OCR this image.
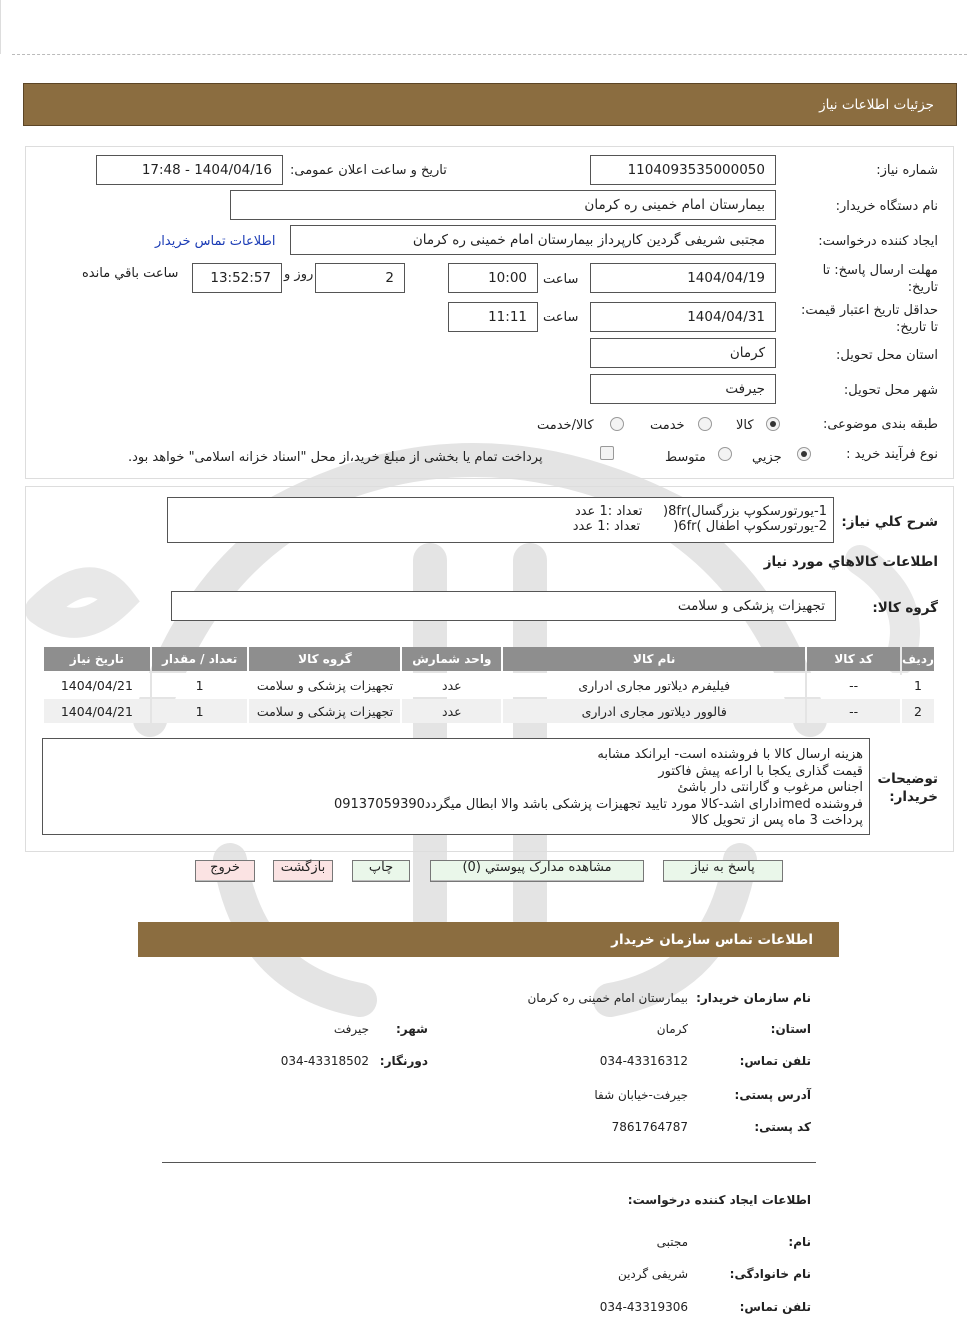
جزئیات اطلاعات نیاز
شماره نیاز:
1104093535000050
تاریخ و ساعت اعلان عمومی:
1404/04/16 - 17:48
نام دستگاه خریدار:
بیمارستان امام خمینی ره کرمان
ایجاد کننده درخواست:
مجتبی شریفی گردین کارپرداز بیمارستان امام خمینی ره کرمان
اطلاعات تماس خریدار
مهلت ارسال پاسخ: تا
تاریخ:
1404/04/19
ساعت
10:00
2
روز و
13:52:57
ساعت باقي مانده
حداقل تاریخ اعتبار قیمت:
تا تاریخ:
1404/04/31
ساعت
11:11
استان محل تحویل:
کرمان
شهر محل تحویل:
جیرفت
طبقه بندی موضوعی:
کالا
خدمت
کالا/خدمت
نوع فرآیند خرید :
جزیي
متوسط
پرداخت تمام یا بخشی از مبلغ خرید،از محل "اسناد خزانه اسلامی" خواهد بود.
شرح کلي نياز:
1-یورتورسکوپ بزرگسال)8fr(     تعداد :1 عدد
2-یورتورسکوپ اطفال )6fr(        تعداد :1 عدد
اطلاعات کالاهاي مورد نياز
گروه کالا:
تجهیزات پزشکی و سلامت
رديف	کد کالا	نام کالا	واحد شمارش	گروه کالا	تعداد / مقدار	تاريخ نياز
1	--	فیلیفرم دیلاتور مجاری ادراری	عدد	تجهیزات پزشکی و سلامت	1	1404/04/21
2	--	فالوور دیلاتور مجاری ادراری	عدد	تجهیزات پزشکی و سلامت	1	1404/04/21
توضيحات
خريدار:
هزینه ارسال کالا با فروشنده است- ایرانکد مشابه
قیمت گذاری یکجا با اراعه پیش فاکتور
اجناس مرغوب و گارانتی دار باشئ
فروشنده imedدارای اشد-کالا مورد تایید تجهیزات پزشکی باشد والا ابطال میگردد09137059390
پرداخت 3 ماه پس از تحویل کالا
پاسخ به نياز
مشاهده مدارک پيوستي (0)
چاپ
بازگشت
خروج
اطلاعات تماس سازمان خريدار
نام سازمان خریدار:
بیمارستان امام خمینی ره کرمان
استان:
کرمان
شهر:
جیرفت
تلفن تماس:
034-43316312
دورنگار:
034-43318502
آدرس پستی:
جیرفت-خیابان شفا
کد پستی:
7861764787
اطلاعات ایجاد کننده درخواست:
نام:
مجتبی
نام خانوادگی:
شریفی گردین
تلفن تماس:
034-43319306
